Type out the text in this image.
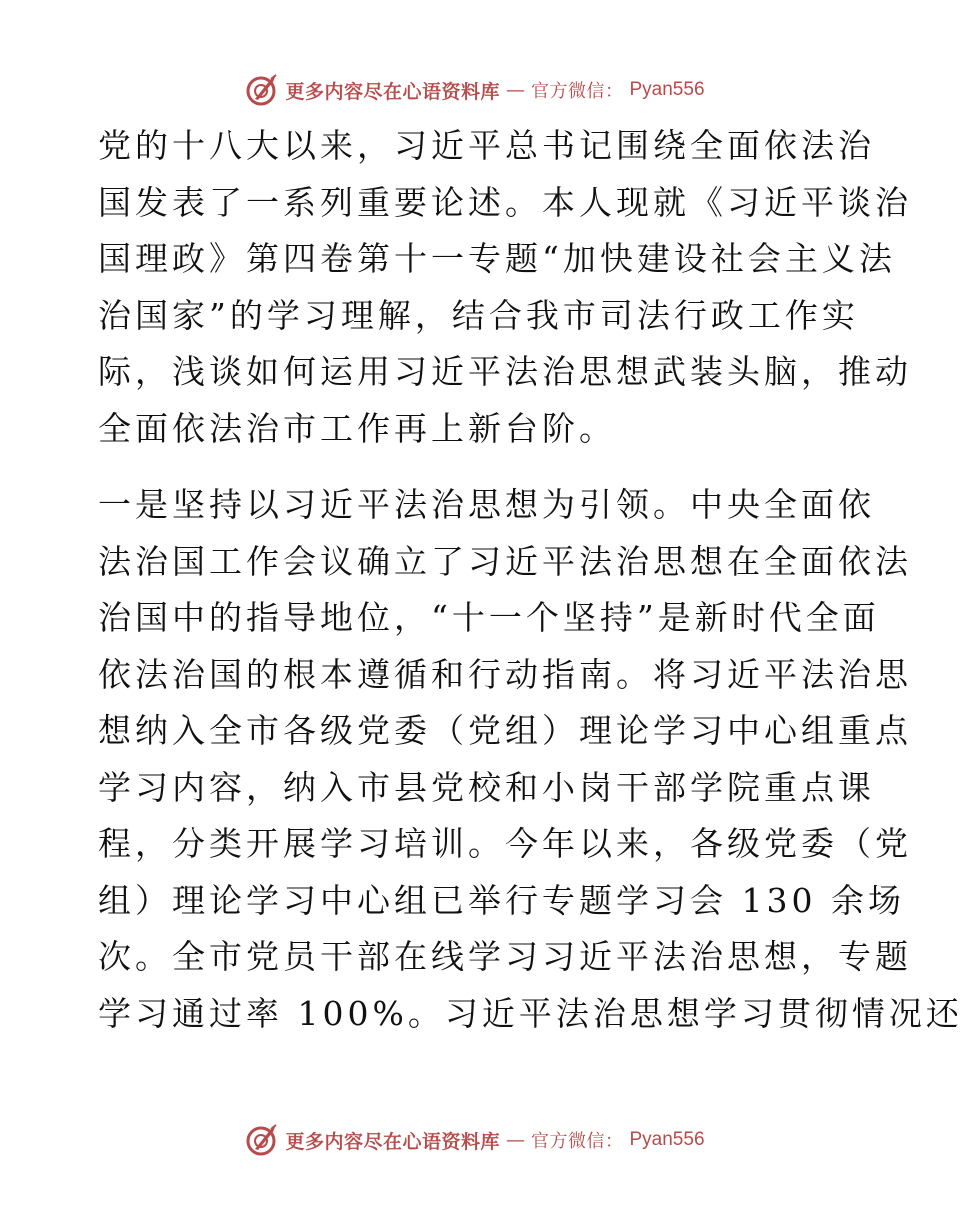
更多内容尽在心语资料库 — 官方微信： Pyan556
党的十八大以来，习近平总书记围绕全面依法治
国发表了一系列重要论述。本人现就《习近平谈治
国理政》第四卷第十一专题“加快建设社会主义法
治国家”的学习理解，结合我市司法行政工作实
际，浅谈如何运用习近平法治思想武装头脑，推动
全面依法治市工作再上新台阶。
一是坚持以习近平法治思想为引领。中央全面依
法治国工作会议确立了习近平法治思想在全面依法
治国中的指导地位，“十一个坚持”是新时代全面
依法治国的根本遵循和行动指南。将习近平法治思
想纳入全市各级党委（党组）理论学习中心组重点
学习内容，纳入市县党校和小岗干部学院重点课
程，分类开展学习培训。今年以来，各级党委（党
组）理论学习中心组已举行专题学习会 130 余场
次。全市党员干部在线学习习近平法治思想，专题
学习通过率 100%。习近平法治思想学习贯彻情况还
更多内容尽在心语资料库 — 官方微信： Pyan556
